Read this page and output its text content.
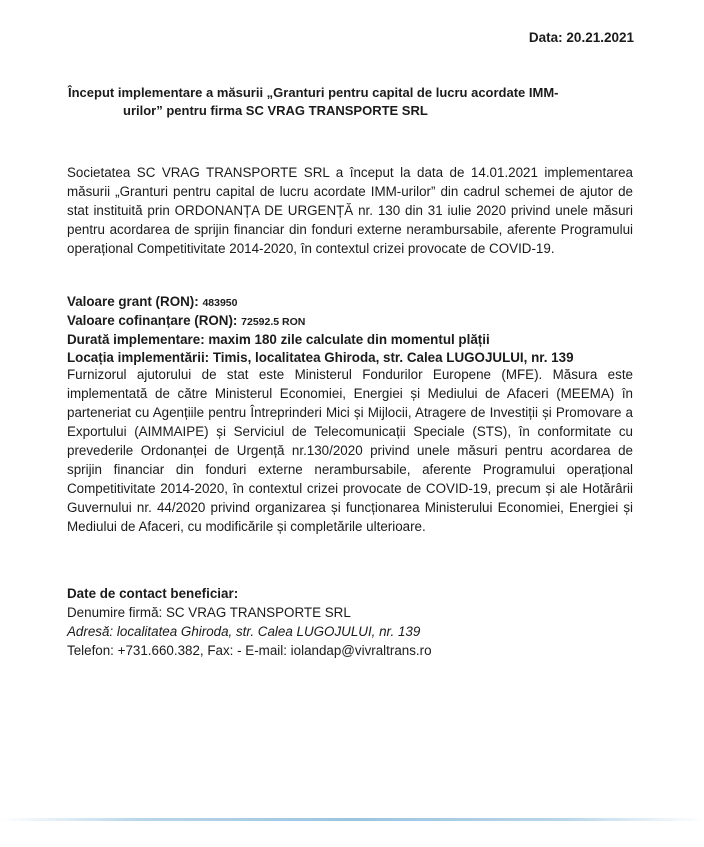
Data: 20.21.2021
Început implementare a măsurii „Granturi pentru capital de lucru acordate IMM-
urilor” pentru firma SC VRAG TRANSPORTE SRL
Societatea SC VRAG TRANSPORTE SRL a început la data de 14.01.2021 implementarea măsurii „Granturi pentru capital de lucru acordate IMM-urilor” din cadrul schemei de ajutor de stat instituită prin ORDONANȚA DE URGENȚĂ nr. 130 din 31 iulie 2020 privind unele măsuri pentru acordarea de sprijin financiar din fonduri externe nerambursabile, aferente Programului operațional Competitivitate 2014-2020, în contextul crizei provocate de COVID-19.
Valoare grant (RON): 483950
Valoare cofinanțare (RON): 72592.5 RON
Durată implementare: maxim 180 zile calculate din momentul plății
Locația implementării: Timis, localitatea Ghiroda, str. Calea LUGOJULUI, nr. 139
Furnizorul ajutorului de stat este Ministerul Fondurilor Europene (MFE). Măsura este implementată de către Ministerul Economiei, Energiei și Mediului de Afaceri (MEEMA) în parteneriat cu Agențiile pentru Întreprinderi Mici și Mijlocii, Atragere de Investiții și Promovare a Exportului (AIMMAIPE) și Serviciul de Telecomunicații Speciale (STS), în conformitate cu prevederile Ordonanței de Urgență nr.130/2020 privind unele măsuri pentru acordarea de sprijin financiar din fonduri externe nerambursabile, aferente Programului operațional Competitivitate 2014-2020, în contextul crizei provocate de COVID-19, precum și ale Hotărârii Guvernului nr. 44/2020 privind organizarea și funcționarea Ministerului Economiei, Energiei și Mediului de Afaceri, cu modificările și completările ulterioare.
Date de contact beneficiar:
Denumire firmă: SC VRAG TRANSPORTE SRL
Adresă: localitatea Ghiroda, str. Calea LUGOJULUI, nr. 139
Telefon: +731.660.382, Fax: - E-mail: iolandap@vivraltrans.ro
